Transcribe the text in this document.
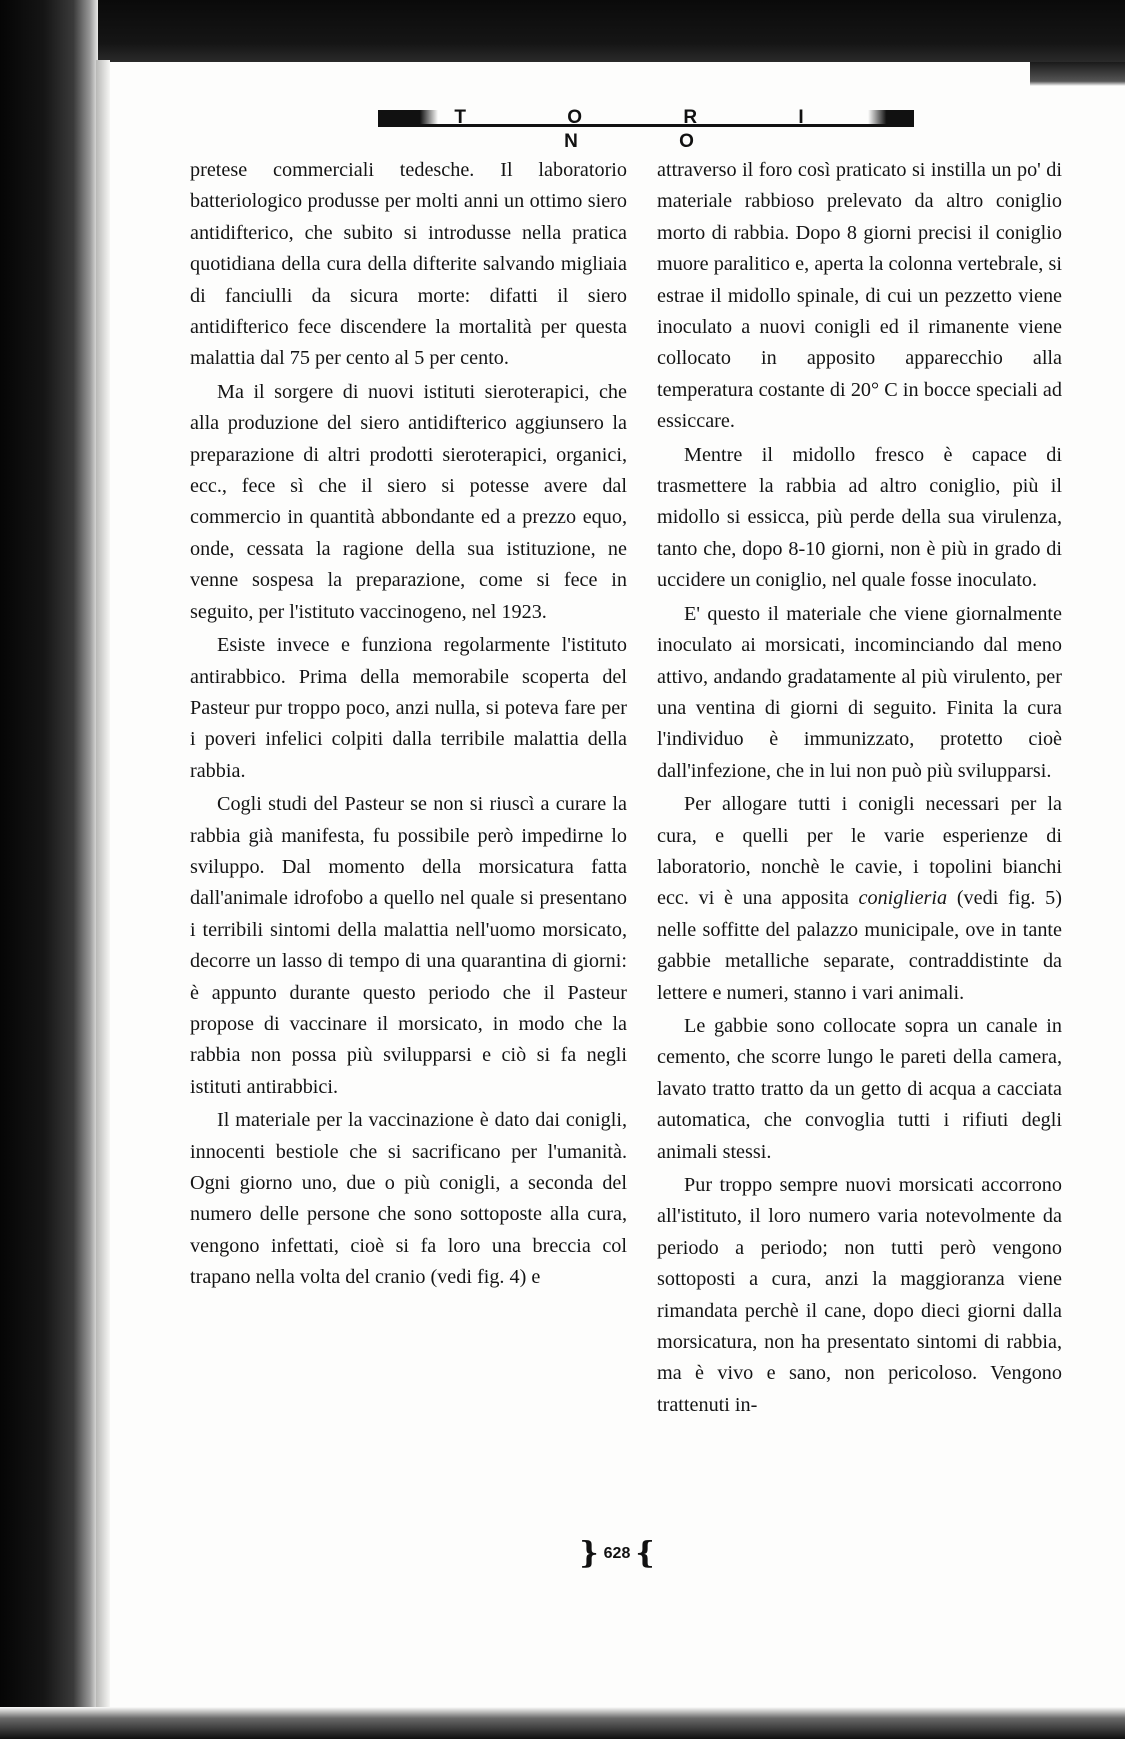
T O R I N O

pretese commerciali tedesche. Il laboratorio batteriologico produsse per molti anni un ottimo siero antidifterico, che subito si introdusse nella pratica quotidiana della cura della difterite salvando migliaia di fanciulli da sicura morte: difatti il siero antidifterico fece discendere la mortalità per questa malattia dal 75 per cento al 5 per cento.

Ma il sorgere di nuovi istituti sieroterapici, che alla produzione del siero antidifterico aggiunsero la preparazione di altri prodotti sieroterapici, organici, ecc., fece sì che il siero si potesse avere dal commercio in quantità abbondante ed a prezzo equo, onde, cessata la ragione della sua istituzione, ne venne sospesa la preparazione, come si fece in seguito, per l'istituto vaccinogeno, nel 1923.

Esiste invece e funziona regolarmente l'istituto antirabbico. Prima della memorabile scoperta del Pasteur pur troppo poco, anzi nulla, si poteva fare per i poveri infelici colpiti dalla terribile malattia della rabbia.

Cogli studi del Pasteur se non si riuscì a curare la rabbia già manifesta, fu possibile però impedirne lo sviluppo. Dal momento della morsicatura fatta dall'animale idrofobo a quello nel quale si presentano i terribili sintomi della malattia nell'uomo morsicato, decorre un lasso di tempo di una quarantina di giorni: è appunto durante questo periodo che il Pasteur propose di vaccinare il morsicato, in modo che la rabbia non possa più svilupparsi e ciò si fa negli istituti antirabbici.

Il materiale per la vaccinazione è dato dai conigli, innocenti bestiole che si sacrificano per l'umanità. Ogni giorno uno, due o più conigli, a seconda del numero delle persone che sono sottoposte alla cura, vengono infettati, cioè si fa loro una breccia col trapano nella volta del cranio (vedi fig. 4) e

attraverso il foro così praticato si instilla un po' di materiale rabbioso prelevato da altro coniglio morto di rabbia. Dopo 8 giorni precisi il coniglio muore paralitico e, aperta la colonna vertebrale, si estrae il midollo spinale, di cui un pezzetto viene inoculato a nuovi conigli ed il rimanente viene collocato in apposito apparecchio alla temperatura costante di 20° C in bocce speciali ad essiccare.

Mentre il midollo fresco è capace di trasmettere la rabbia ad altro coniglio, più il midollo si essicca, più perde della sua virulenza, tanto che, dopo 8-10 giorni, non è più in grado di uccidere un coniglio, nel quale fosse inoculato.

E' questo il materiale che viene giornalmente inoculato ai morsicati, incominciando dal meno attivo, andando gradatamente al più virulento, per una ventina di giorni di seguito. Finita la cura l'individuo è immunizzato, protetto cioè dall'infezione, che in lui non può più svilupparsi.

Per allogare tutti i conigli necessari per la cura, e quelli per le varie esperienze di laboratorio, nonchè le cavie, i topolini bianchi ecc. vi è una apposita coniglieria (vedi fig. 5) nelle soffitte del palazzo municipale, ove in tante gabbie metalliche separate, contraddistinte da lettere e numeri, stanno i vari animali.

Le gabbie sono collocate sopra un canale in cemento, che scorre lungo le pareti della camera, lavato tratto tratto da un getto di acqua a cacciata automatica, che convoglia tutti i rifiuti degli animali stessi.

Pur troppo sempre nuovi morsicati accorrono all'istituto, il loro numero varia notevolmente da periodo a periodo; non tutti però vengono sottoposti a cura, anzi la maggioranza viene rimandata perchè il cane, dopo dieci giorni dalla morsicatura, non ha presentato sintomi di rabbia, ma è vivo e sano, non pericoloso. Vengono trattenuti in-

} 628 {
